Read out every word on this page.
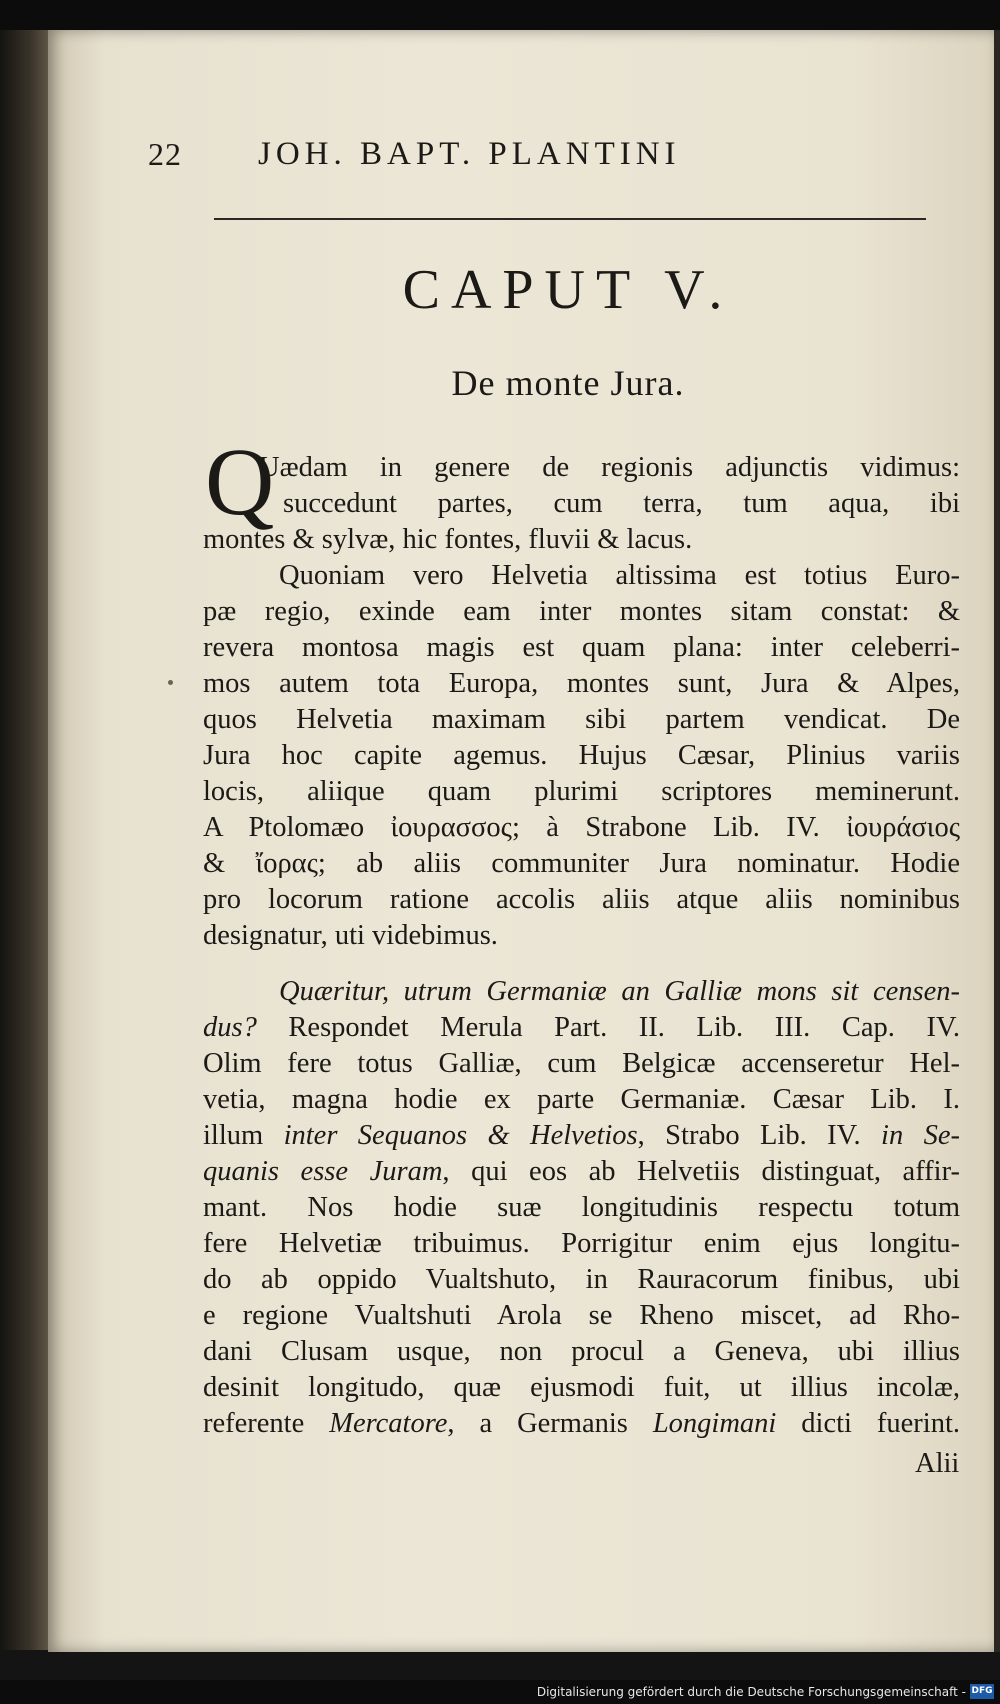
22 JOH. BAPT. PLANTINI
CAPUT V.
De monte Jura.
Q
Uædam in genere de regionis adjunctis vidimus:
succedunt partes, cum terra, tum aqua, ibi
montes & sylvæ, hic fontes, fluvii & lacus.
Quoniam vero Helvetia altissima est totius Euro-
pæ regio, exinde eam inter montes sitam constat: &
revera montosa magis est quam plana: inter celeberri-
mos autem tota Europa, montes sunt, Jura & Alpes,
quos Helvetia maximam sibi partem vendicat. De
Jura hoc capite agemus. Hujus Cæsar, Plinius variis
locis, aliique quam plurimi scriptores meminerunt.
A Ptolomæo ἰουρασσος; à Strabone Lib. IV. ἰουράσιος
& ἴορας; ab aliis communiter Jura nominatur. Hodie
pro locorum ratione accolis aliis atque aliis nominibus
designatur, uti videbimus.
Quæritur, utrum Germaniæ an Galliæ mons sit censen-
dus? Respondet Merula Part. II. Lib. III. Cap. IV.
Olim fere totus Galliæ, cum Belgicæ accenseretur Hel-
vetia, magna hodie ex parte Germaniæ. Cæsar Lib. I.
illum inter Sequanos & Helvetios, Strabo Lib. IV. in Se-
quanis esse Juram, qui eos ab Helvetiis distinguat, affir-
mant. Nos hodie suæ longitudinis respectu totum
fere Helvetiæ tribuimus. Porrigitur enim ejus longitu-
do ab oppido Vualtshuto, in Rauracorum finibus, ubi
e regione Vualtshuti Arola se Rheno miscet, ad Rho-
dani Clusam usque, non procul a Geneva, ubi illius
desinit longitudo, quæ ejusmodi fuit, ut illius incolæ,
referente Mercatore, a Germanis Longimani dicti fuerint.
Alii
Digitalisierung gefördert durch die Deutsche Forschungsgemeinschaft - DFG
